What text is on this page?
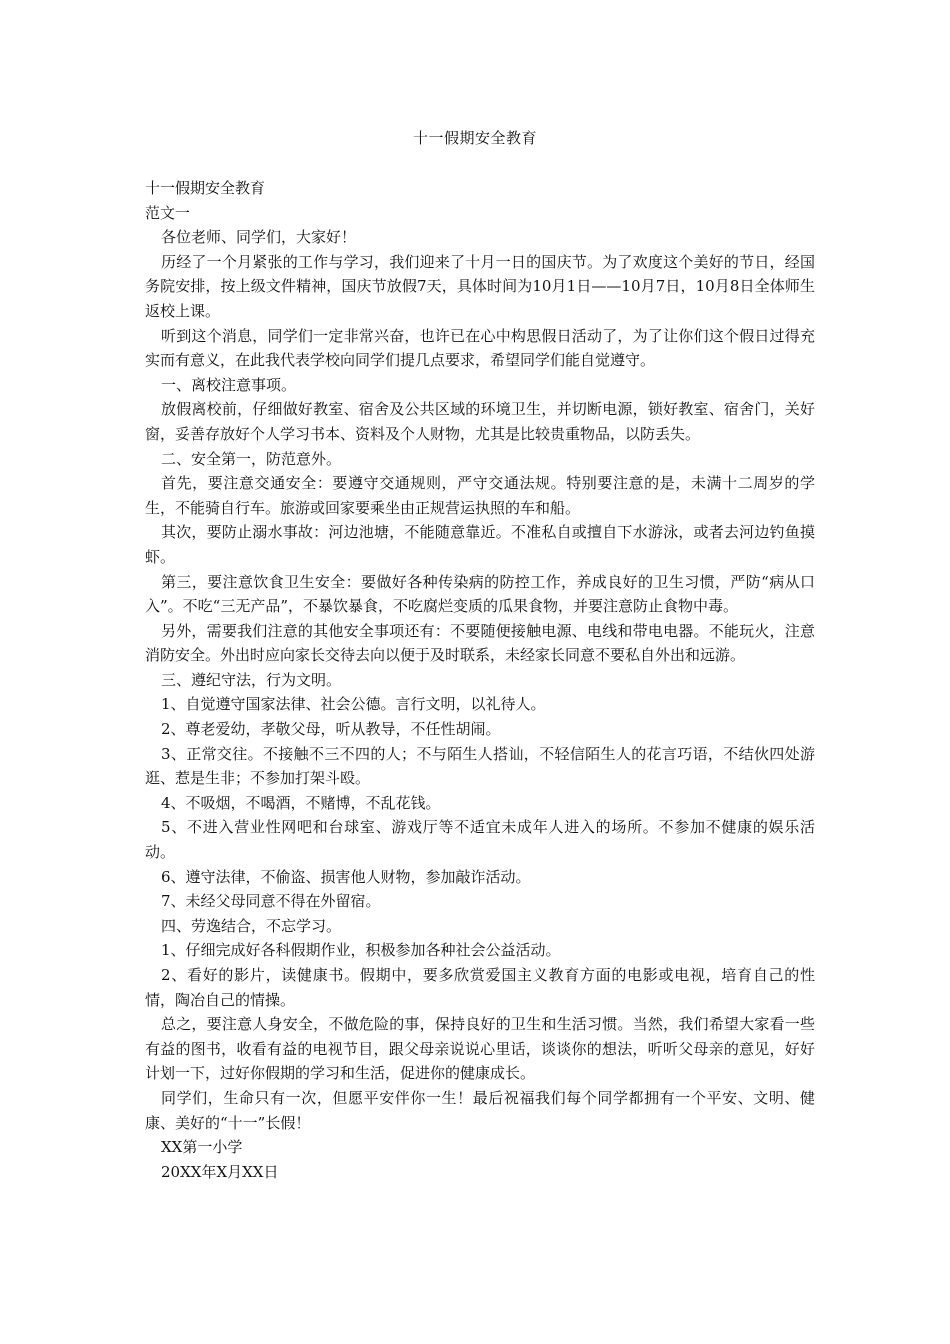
十一假期安全教育

十一假期安全教育

范文一

各位老师、同学们，大家好！

历经了一个月紧张的工作与学习，我们迎来了十月一日的国庆节。为了欢度这个美好的节日，经国务院安排，按上级文件精神，国庆节放假7天，具体时间为10月1日——10月7日，10月8日全体师生返校上课。

听到这个消息，同学们一定非常兴奋，也许已在心中构思假日活动了，为了让你们这个假日过得充实而有意义，在此我代表学校向同学们提几点要求，希望同学们能自觉遵守。

一、离校注意事项。

放假离校前，仔细做好教室、宿舍及公共区域的环境卫生，并切断电源，锁好教室、宿舍门，关好窗，妥善存放好个人学习书本、资料及个人财物，尤其是比较贵重物品，以防丢失。

二、安全第一，防范意外。

首先，要注意交通安全：要遵守交通规则，严守交通法规。特别要注意的是，未满十二周岁的学生，不能骑自行车。旅游或回家要乘坐由正规营运执照的车和船。

其次，要防止溺水事故：河边池塘，不能随意靠近。不准私自或擅自下水游泳，或者去河边钓鱼摸虾。

第三，要注意饮食卫生安全：要做好各种传染病的防控工作，养成良好的卫生习惯，严防“病从口入”。不吃“三无产品”，不暴饮暴食，不吃腐烂变质的瓜果食物，并要注意防止食物中毒。

另外，需要我们注意的其他安全事项还有：不要随便接触电源、电线和带电电器。不能玩火，注意消防安全。外出时应向家长交待去向以便于及时联系，未经家长同意不要私自外出和远游。

三、遵纪守法，行为文明。

1、自觉遵守国家法律、社会公德。言行文明，以礼待人。

2、尊老爱幼，孝敬父母，听从教导，不任性胡闹。

3、正常交往。不接触不三不四的人；不与陌生人搭讪，不轻信陌生人的花言巧语，不结伙四处游逛、惹是生非；不参加打架斗殴。

4、不吸烟，不喝酒，不赌博，不乱花钱。

5、不进入营业性网吧和台球室、游戏厅等不适宜未成年人进入的场所。不参加不健康的娱乐活动。

6、遵守法律，不偷盗、损害他人财物，参加敲诈活动。

7、未经父母同意不得在外留宿。

四、劳逸结合，不忘学习。

1、仔细完成好各科假期作业，积极参加各种社会公益活动。

2、看好的影片，读健康书。假期中，要多欣赏爱国主义教育方面的电影或电视，培育自己的性情，陶冶自己的情操。

总之，要注意人身安全，不做危险的事，保持良好的卫生和生活习惯。当然，我们希望大家看一些有益的图书，收看有益的电视节目，跟父母亲说说心里话，谈谈你的想法，听听父母亲的意见，好好计划一下，过好你假期的学习和生活，促进你的健康成长。

同学们，生命只有一次，但愿平安伴你一生！最后祝福我们每个同学都拥有一个平安、文明、健康、美好的“十一”长假！

XX第一小学

20XX年X月XX日
